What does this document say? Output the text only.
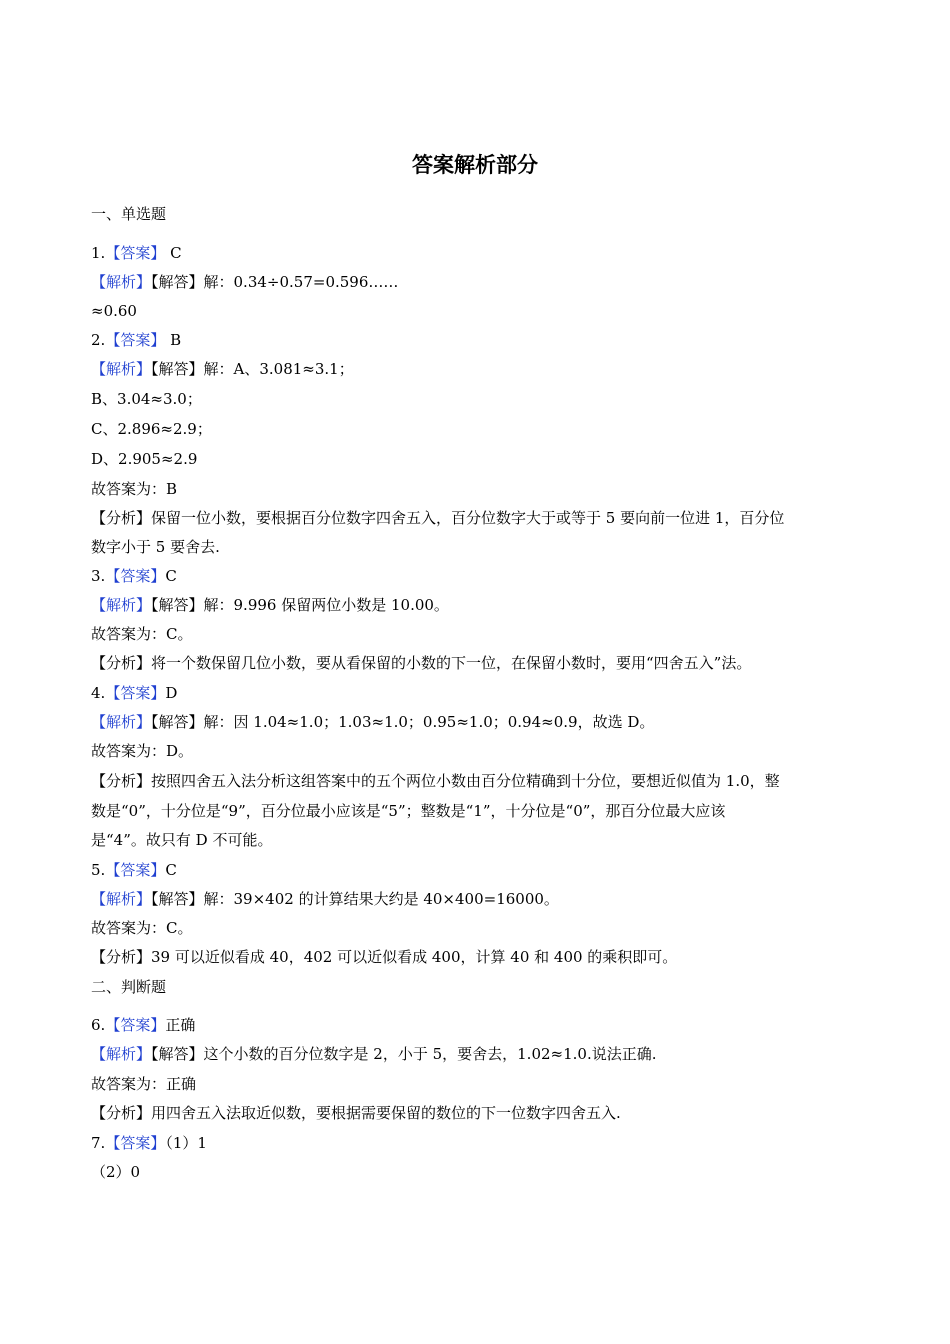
答案解析部分
一、单选题
1.【答案】 C
【解析】【解答】解：0.34÷0.57=0.596……
≈0.60
2.【答案】 B
【解析】【解答】解：A、3.081≈3.1；
B、3.04≈3.0；
C、2.896≈2.9；
D、2.905≈2.9
故答案为：B
【分析】保留一位小数，要根据百分位数字四舍五入，百分位数字大于或等于 5 要向前一位进 1，百分位
数字小于 5 要舍去.
3.【答案】C
【解析】【解答】解：9.996 保留两位小数是 10.00。
故答案为：C。
【分析】将一个数保留几位小数，要从看保留的小数的下一位，在保留小数时，要用“四舍五入”法。
4.【答案】D
【解析】【解答】解：因 1.04≈1.0；1.03≈1.0；0.95≈1.0；0.94≈0.9，故选 D。
故答案为：D。
【分析】按照四舍五入法分析这组答案中的五个两位小数由百分位精确到十分位，要想近似值为 1.0，整
数是“0”，十分位是“9”，百分位最小应该是“5”；整数是“1”，十分位是“0”，那百分位最大应该
是“4”。故只有 D 不可能。
5.【答案】C
【解析】【解答】解：39×402 的计算结果大约是 40×400=16000。
故答案为：C。
【分析】39 可以近似看成 40，402 可以近似看成 400，计算 40 和 400 的乘积即可。
二、判断题
6.【答案】正确
【解析】【解答】这个小数的百分位数字是 2，小于 5，要舍去，1.02≈1.0.说法正确.
故答案为：正确
【分析】用四舍五入法取近似数，要根据需要保留的数位的下一位数字四舍五入.
7.【答案】（1）1
（2）0
